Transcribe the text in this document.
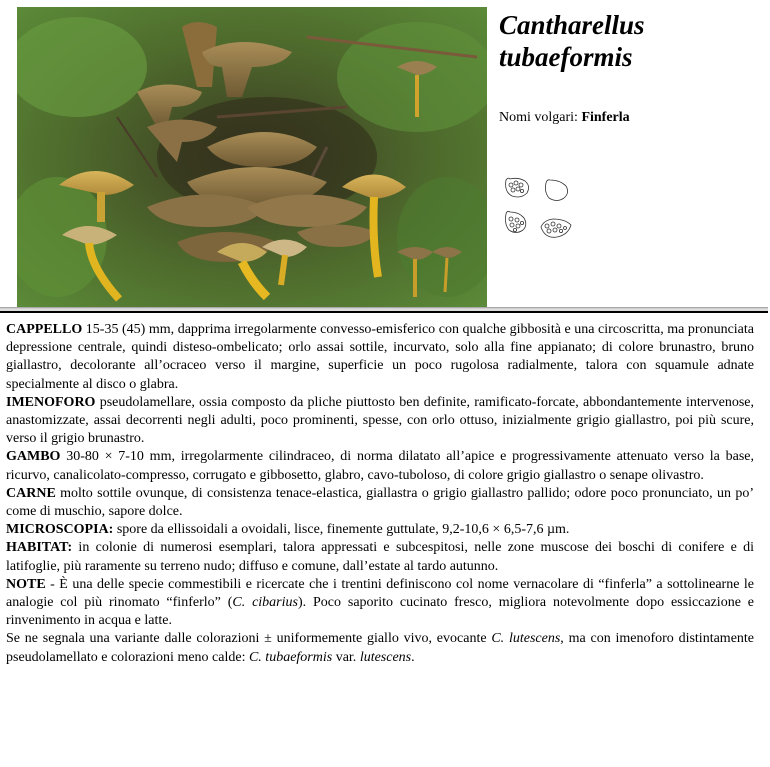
Cantharellus
tubaeformis
Nomi volgari: Finferla

CAPPELLO 15-35 (45) mm, dapprima irregolarmente convesso-emisferico con qualche gibbosità e una circoscritta, ma pronunciata depressione centrale, quindi disteso-ombelicato; orlo assai sottile, incurvato, solo alla fine appianato; di colore brunastro, bruno giallastro, decolorante all’ocraceo verso il margine, superficie un poco rugolosa radialmente, talora con squamule adnate specialmente al disco o glabra.

IMENOFORO pseudolamellare, ossia composto da pliche piuttosto ben definite, ramificato-forcate, abbondantemente intervenose, anastomizzate, assai decorrenti negli adulti, poco prominenti, spesse, con orlo ottuso, inizialmente grigio giallastro, poi più scure, verso il grigio brunastro.

GAMBO 30-80 × 7-10 mm, irregolarmente cilindraceo, di norma dilatato all’apice e progressivamente attenuato verso la base, ricurvo, canalicolato-compresso, corrugato e gibbosetto, glabro, cavo-tuboloso, di colore grigio giallastro o senape olivastro.

CARNE molto sottile ovunque, di consistenza tenace-elastica, giallastra o grigio giallastro pallido; odore poco pronunciato, un po’ come di muschio, sapore dolce.

MICROSCOPIA: spore da ellissoidali a ovoidali, lisce, finemente guttulate, 9,2-10,6 × 6,5-7,6 µm.

HABITAT: in colonie di numerosi esemplari, talora appressati e subcespitosi, nelle zone muscose dei boschi di conifere e di latifoglie, più raramente su terreno nudo; diffuso e comune, dall’estate al tardo autunno.

NOTE - È una delle specie commestibili e ricercate che i trentini definiscono col nome vernacolare di “finferla” a sottolinearne le analogie col più rinomato “finferlo” (C. cibarius). Poco saporito cucinato fresco, migliora notevolmente dopo essiccazione e rinvenimento in acqua e latte.

Se ne segnala una variante dalle colorazioni ± uniformemente giallo vivo, evocante C. lutescens, ma con imenoforo distintamente pseudolamellato e colorazioni meno calde: C. tubaeformis var. lutescens.
